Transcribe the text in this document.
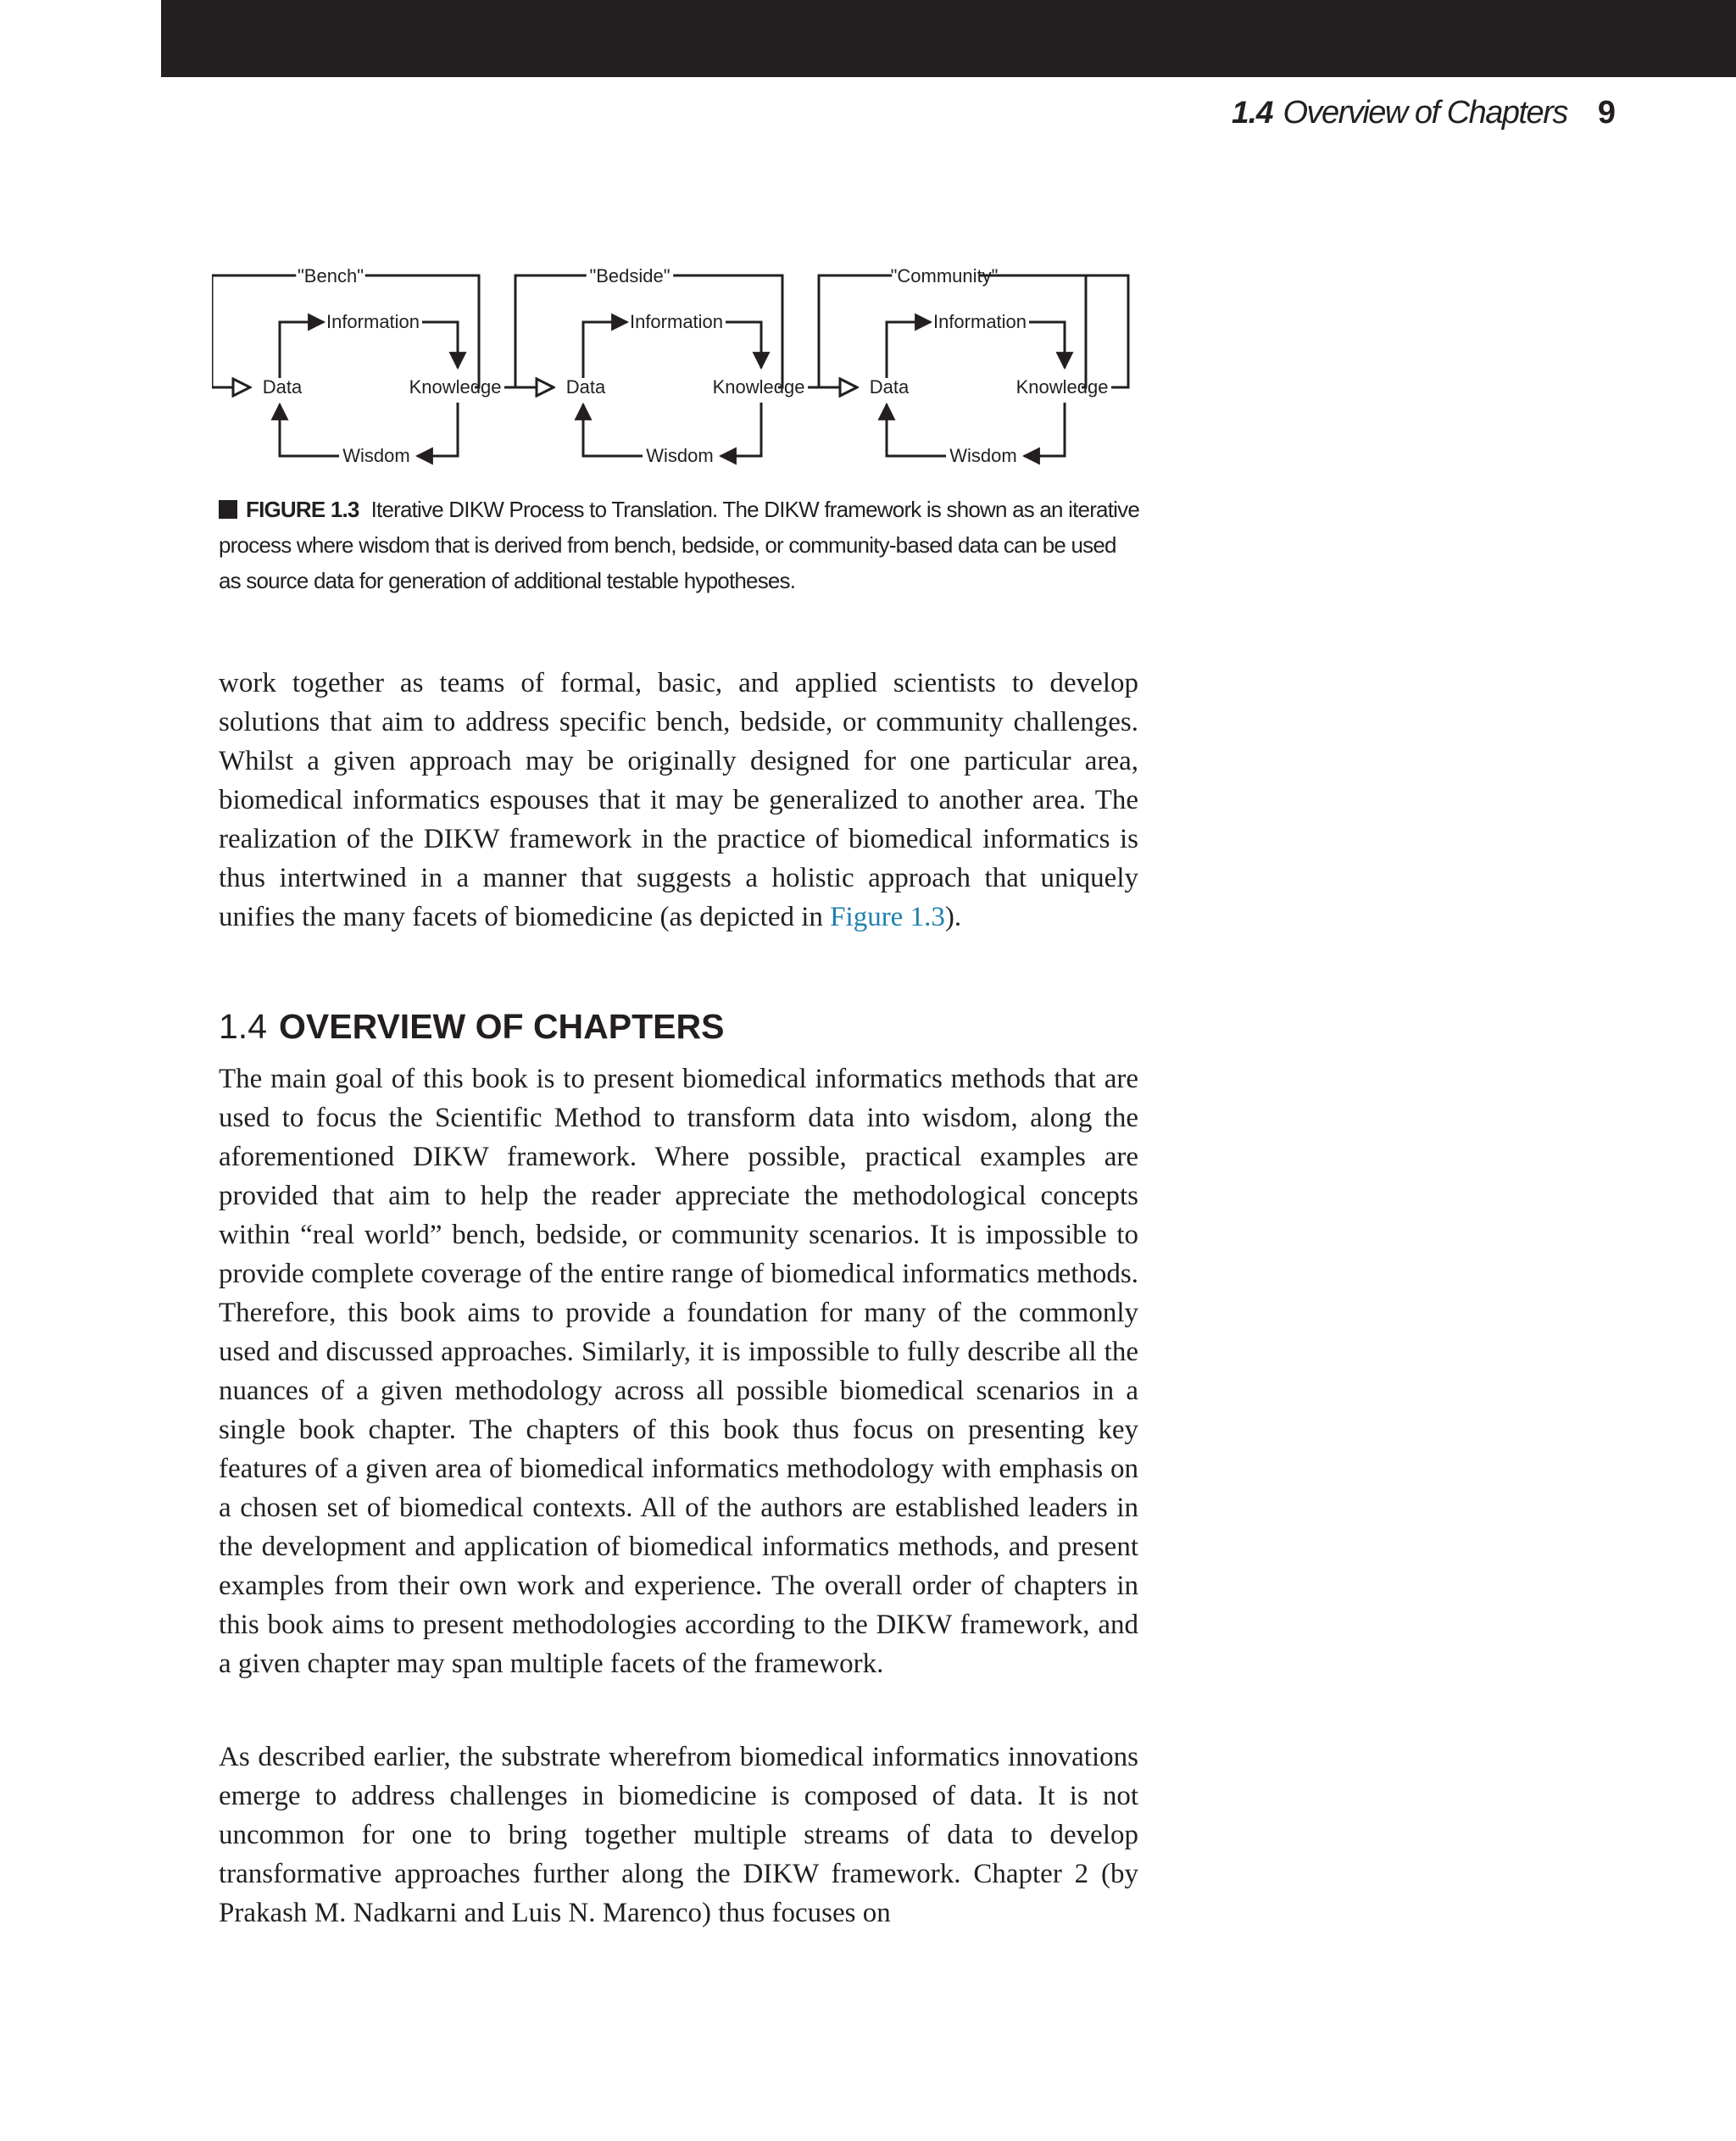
1.4 Overview of Chapters 9
"Bench"
Data
Information
Knowledge
Wisdom
"Bedside"
Data
Information
Knowledge
Wisdom
"Community"
Data
Information
Knowledge
Wisdom
FIGURE 1.3 Iterative DIKW Process to Translation. The DIKW framework is shown as an iterative process where wisdom that is derived from bench, bedside, or community-based data can be used as source data for generation of additional testable hypotheses.

work together as teams of formal, basic, and applied scientists to develop solutions that aim to address specific bench, bedside, or community challenges. Whilst a given approach may be originally designed for one particular area, biomedical informatics espouses that it may be generalized to another area. The realization of the DIKW framework in the practice of biomedical informatics is thus intertwined in a manner that suggests a holistic approach that uniquely unifies the many facets of biomedicine (as depicted in Figure 1.3).

1.4 OVERVIEW OF CHAPTERS

The main goal of this book is to present biomedical informatics methods that are used to focus the Scientific Method to transform data into wisdom, along the aforementioned DIKW framework. Where possible, practical examples are provided that aim to help the reader appreciate the methodological concepts within “real world” bench, bedside, or community scenarios. It is impossible to provide complete coverage of the entire range of biomedical informatics methods. Therefore, this book aims to provide a foundation for many of the commonly used and discussed approaches. Similarly, it is impossible to fully describe all the nuances of a given methodology across all possible biomedical scenarios in a single book chapter. The chapters of this book thus focus on presenting key features of a given area of biomedical informatics methodology with emphasis on a chosen set of biomedical contexts. All of the authors are established leaders in the development and application of biomedical informatics methods, and present examples from their own work and experience. The overall order of chapters in this book aims to present methodologies according to the DIKW framework, and a given chapter may span multiple facets of the framework.

As described earlier, the substrate wherefrom biomedical informatics innovations emerge to address challenges in biomedicine is composed of data. It is not uncommon for one to bring together multiple streams of data to develop transformative approaches further along the DIKW framework. Chapter 2 (by Prakash M. Nadkarni and Luis N. Marenco) thus focuses on
